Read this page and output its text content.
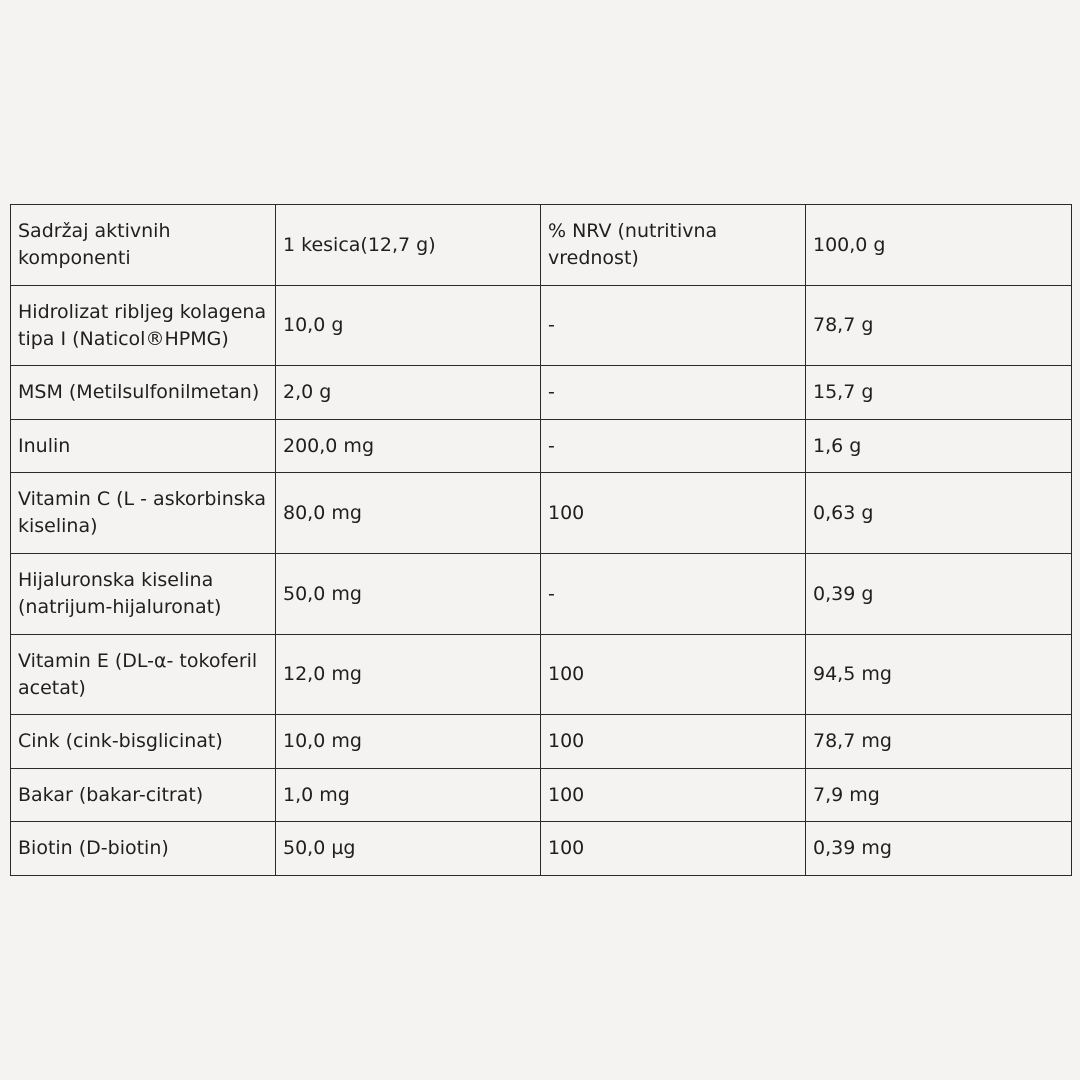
Sadržaj aktivnih komponenti	1 kesica(12,7 g)	% NRV (nutritivna vrednost)	100,0 g
Hidrolizat ribljeg kolagena tipa I (Naticol®HPMG)	10,0 g	-	78,7 g
MSM (Metilsulfonilmetan)	2,0 g	-	15,7 g
Inulin	200,0 mg	-	1,6 g
Vitamin C (L - askorbinska kiselina)	80,0 mg	100	0,63 g
Hijaluronska kiselina (natrijum-hijaluronat)	50,0 mg	-	0,39 g
Vitamin E (DL-α- tokoferil acetat)	12,0 mg	100	94,5 mg
Cink (cink-bisglicinat)	10,0 mg	100	78,7 mg
Bakar (bakar-citrat)	1,0 mg	100	7,9 mg
Biotin (D-biotin)	50,0 µg	100	0,39 mg
